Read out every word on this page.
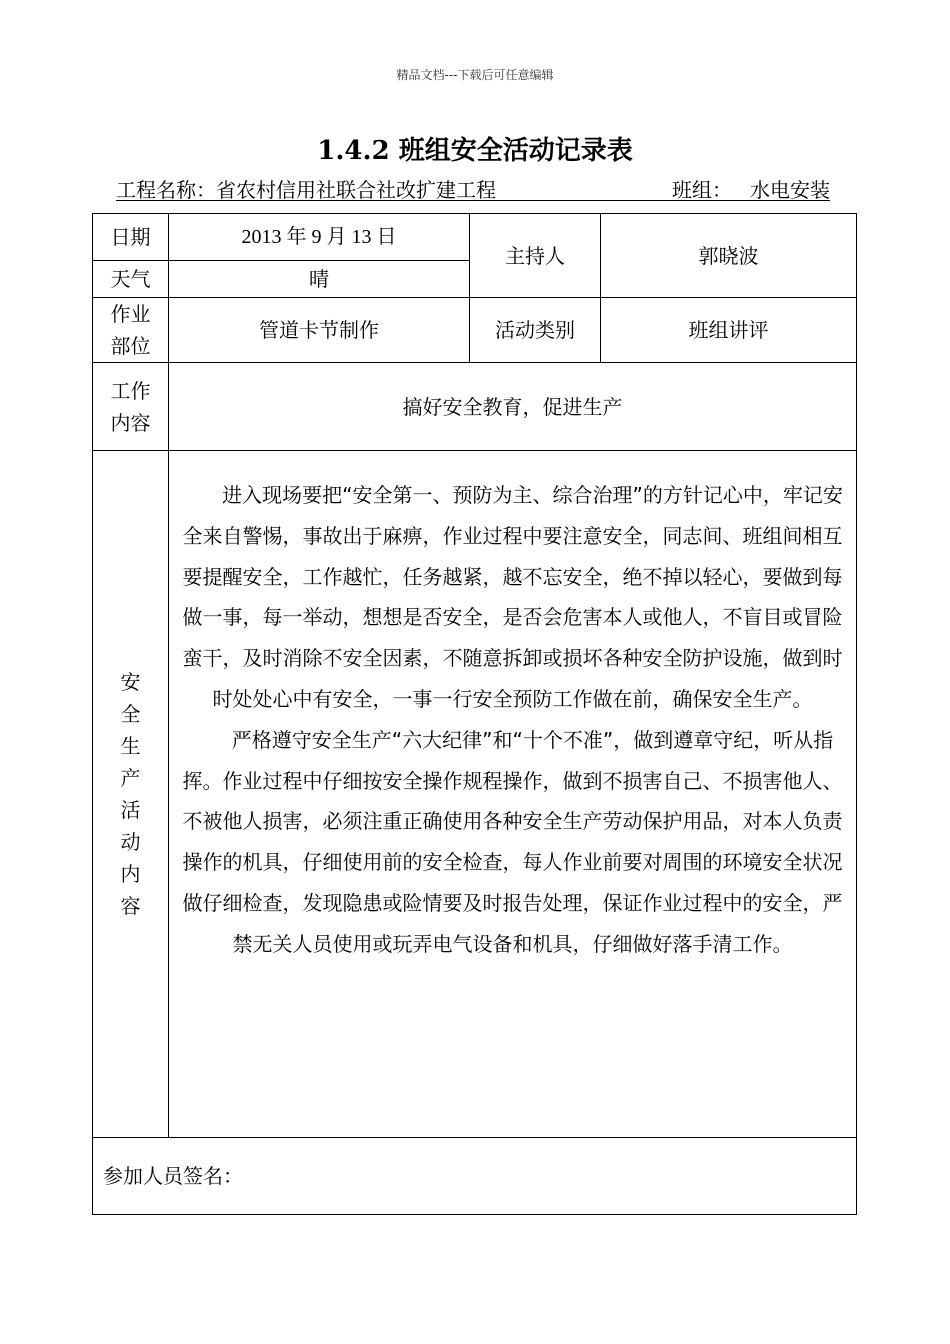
精品文档---下载后可任意编辑
1.4.2 班组安全活动记录表
工程名称：省农村信用社联合社改扩建工程	班组： 水电安装
日期	2013 年 9 月 13 日	主持人	郭晓波
天气	晴		

作业部位	管道卡节制作	活动类别	班组讲评

工作内容	搞好安全教育，促进生产		

安全生产活动内容	进入现场要把“安全第一、预防为主、综合治理”的方针记心中，牢记安全来自警惕，事故出于麻痹，作业过程中要注意安全，同志间、班组间相互要提醒安全，工作越忙，任务越紧，越不忘安全，绝不掉以轻心，要做到每做一事，每一举动，想想是否安全，是否会危害本人或他人，不盲目或冒险蛮干，及时消除不安全因素，不随意拆卸或损坏各种安全防护设施，做到时时处处心中有安全，一事一行安全预防工作做在前，确保安全生产。

严格遵守安全生产“六大纪律”和“十个不准”，做到遵章守纪，听从指挥。作业过程中仔细按安全操作规程操作，做到不损害自己、不损害他人、不被他人损害，必须注重正确使用各种安全生产劳动保护用品，对本人负责操作的机具，仔细使用前的安全检查，每人作业前要对周围的环境安全状况做仔细检查，发现隐患或险情要及时报告处理，保证作业过程中的安全，严禁无关人员使用或玩弄电气设备和机具，仔细做好落手清工作。		

参加人员签名：			
